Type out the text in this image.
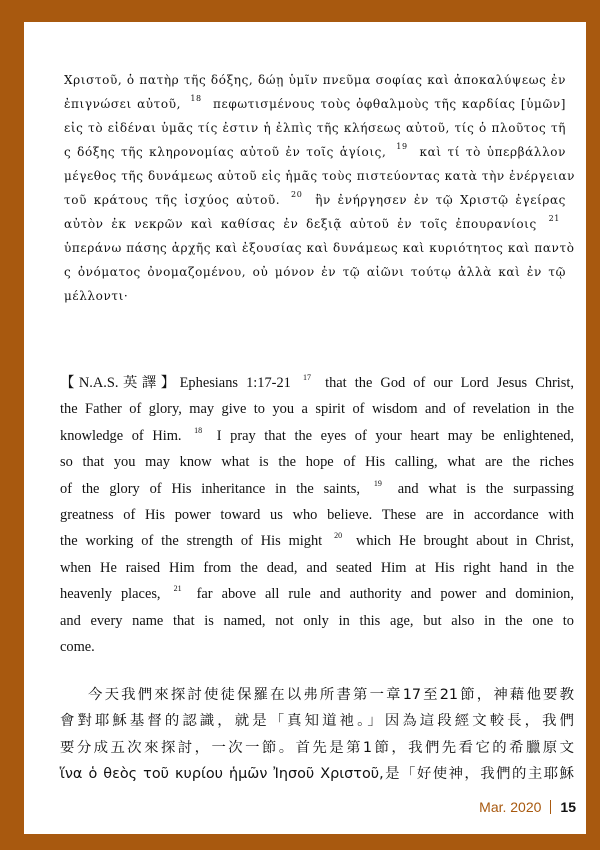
Χριστοῦ, ὁ πατὴρ τῆς δόξης, δώῃ ὑμῖν πνεῦμα σοφίας καὶ ἀποκαλύψεως ἐν
ἐπιγνώσει αὐτοῦ, $^{18}$ πεφωτισμένους τοὺς ὀφθαλμοὺς τῆς καρδίας [ὑμῶν]
εἰς τὸ εἰδέναι ὑμᾶς τίς ἐστιν ἡ ἐλπὶς τῆς κλήσεως αὐτοῦ, τίς ὁ πλοῦτος τῆ
ς δόξης τῆς κληρονομίας αὐτοῦ ἐν τοῖς ἁγίοις, $^{19}$ καὶ τί τὸ ὑπερβάλλον
μέγεθος τῆς δυνάμεως αὐτοῦ εἰς ἡμᾶς τοὺς πιστεύοντας κατὰ τὴν ἐνέργειαν
τοῦ κράτους τῆς ἰσχύος αὐτοῦ. $^{20}$ ἣν ἐνήργησεν ἐν τῷ Χριστῷ ἐγείρας
αὐτὸν ἐκ νεκρῶν καὶ καθίσας ἐν δεξιᾷ αὐτοῦ ἐν τοῖς ἐπουρανίοις $^{21}$
ὑπεράνω πάσης ἀρχῆς καὶ ἐξουσίας καὶ δυνάμεως καὶ κυριότητος καὶ παντὸ
ς ὀνόματος ὀνομαζομένου, οὐ μόνον ἐν τῷ αἰῶνι τούτῳ ἀλλὰ καὶ ἐν τῷ
μέλλοντι·
【N.A.S.英譯】Ephesians 1:17-21 $^{17}$ that the God of our Lord Jesus Christ,
the Father of glory, may give to you a spirit of wisdom and of revelation in the
knowledge of Him. $^{18}$ I pray that the eyes of your heart may be enlightened,
so that you may know what is the hope of His calling, what are the riches
of the glory of His inheritance in the saints, $^{19}$ and what is the surpassing
greatness of His power toward us who believe. These are in accordance with
the working of the strength of His might $^{20}$ which He brought about in Christ,
when He raised Him from the dead, and seated Him at His right hand in the
heavenly places, $^{21}$ far above all rule and authority and power and dominion,
and every name that is named, not only in this age, but also in the one to
come.
今天我們來探討使徒保羅在以弗所書第一章17至21節，神藉他要教
會對耶穌基督的認識，就是「真知道祂。」因為這段經文較長，我們
要分成五次來探討，一次一節。首先是第1節，我們先看它的希臘原文
ἵνα ὁ θεὸς τοῦ κυρίου ἡμῶν Ἰησοῦ Χριστοῦ,是「好使神，我們的主耶穌
Mar. 2020 15
